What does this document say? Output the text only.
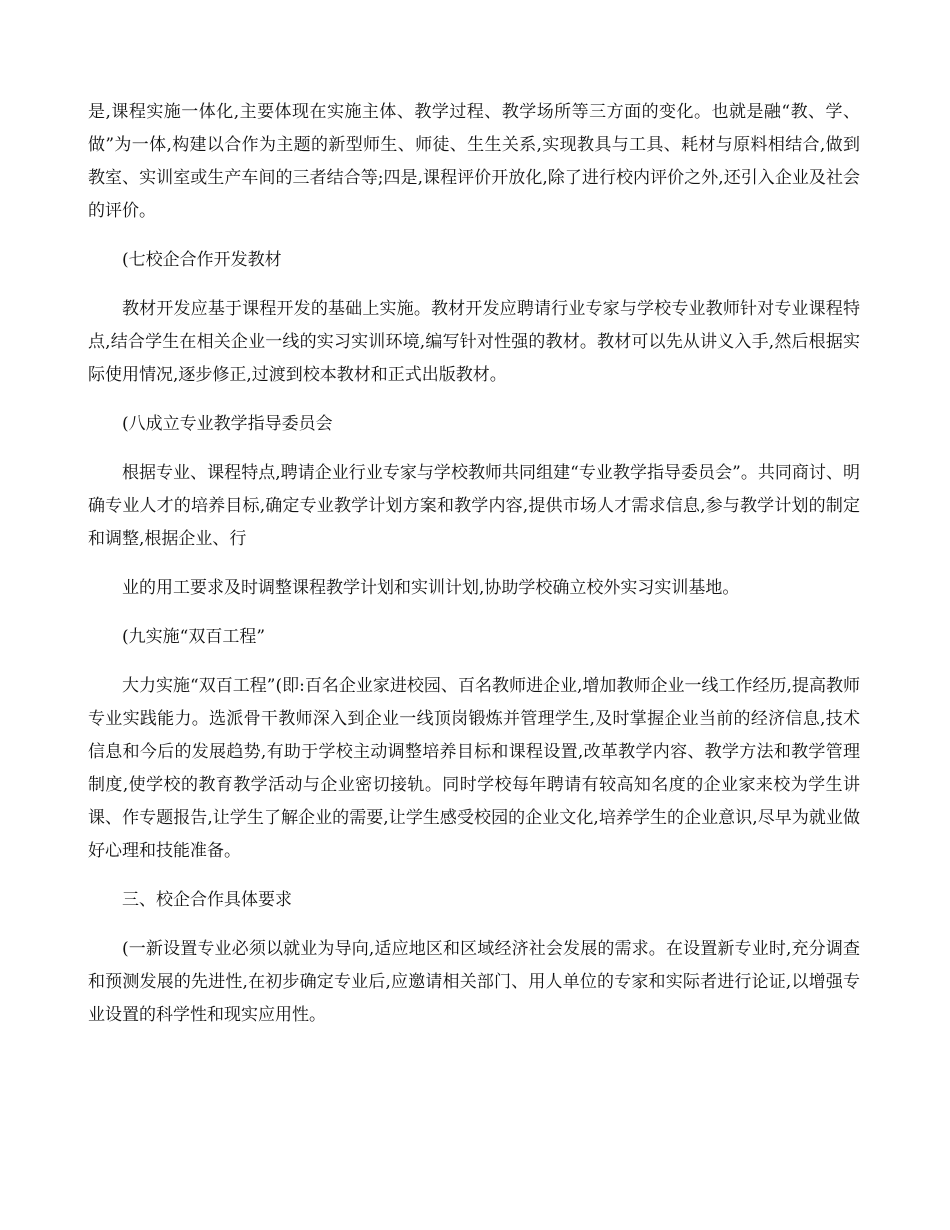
是,课程实施一体化,主要体现在实施主体、教学过程、教学场所等三方面的变化。也就是融“教、学、做”为一体,构建以合作为主题的新型师生、师徒、生生关系,实现教具与工具、耗材与原料相结合,做到教室、实训室或生产车间的三者结合等;四是,课程评价开放化,除了进行校内评价之外,还引入企业及社会的评价。

(七校企合作开发教材

教材开发应基于课程开发的基础上实施。教材开发应聘请行业专家与学校专业教师针对专业课程特点,结合学生在相关企业一线的实习实训环境,编写针对性强的教材。教材可以先从讲义入手,然后根据实际使用情况,逐步修正,过渡到校本教材和正式出版教材。

(八成立专业教学指导委员会

根据专业、课程特点,聘请企业行业专家与学校教师共同组建“专业教学指导委员会”。共同商讨、明确专业人才的培养目标,确定专业教学计划方案和教学内容,提供市场人才需求信息,参与教学计划的制定和调整,根据企业、行

业的用工要求及时调整课程教学计划和实训计划,协助学校确立校外实习实训基地。

(九实施“双百工程”

大力实施“双百工程”(即:百名企业家进校园、百名教师进企业,增加教师企业一线工作经历,提高教师专业实践能力。选派骨干教师深入到企业一线顶岗锻炼并管理学生,及时掌握企业当前的经济信息,技术信息和今后的发展趋势,有助于学校主动调整培养目标和课程设置,改革教学内容、教学方法和教学管理制度,使学校的教育教学活动与企业密切接轨。同时学校每年聘请有较高知名度的企业家来校为学生讲课、作专题报告,让学生了解企业的需要,让学生感受校园的企业文化,培养学生的企业意识,尽早为就业做好心理和技能准备。

三、校企合作具体要求

(一新设置专业必须以就业为导向,适应地区和区域经济社会发展的需求。在设置新专业时,充分调查和预测发展的先进性,在初步确定专业后,应邀请相关部门、用人单位的专家和实际者进行论证,以增强专业设置的科学性和现实应用性。
